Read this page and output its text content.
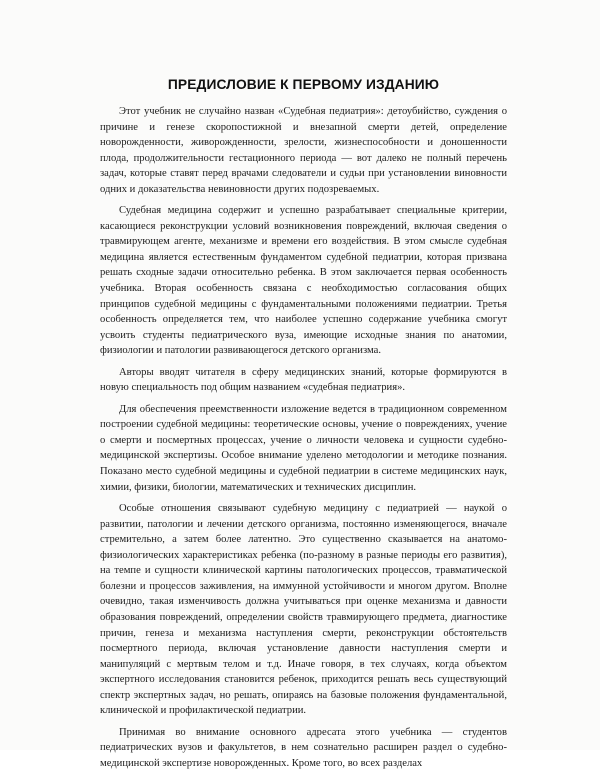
ПРЕДИСЛОВИЕ К ПЕРВОМУ ИЗДАНИЮ

Этот учебник не случайно назван «Судебная педиатрия»: детоубийство, суждения о причине и генезе скоропостижной и внезапной смерти детей, определение новорожденности, живорожденности, зрелости, жизнеспособности и доношенности плода, продолжительности гестационного периода — вот далеко не полный перечень задач, которые ставят перед врачами следователи и судьи при установлении виновности одних и доказательства невиновности других подозреваемых.

Судебная медицина содержит и успешно разрабатывает специальные критерии, касающиеся реконструкции условий возникновения повреждений, включая сведения о травмирующем агенте, механизме и времени его воздействия. В этом смысле судебная медицина является естественным фундаментом судебной педиатрии, которая призвана решать сходные задачи относительно ребенка. В этом заключается первая особенность учебника. Вторая особенность связана с необходимостью согласования общих принципов судебной медицины с фундаментальными положениями педиатрии. Третья особенность определяется тем, что наиболее успешно содержание учебника смогут усвоить студенты педиатрического вуза, имеющие исходные знания по анатомии, физиологии и патологии развивающегося детского организма.

Авторы вводят читателя в сферу медицинских знаний, которые формируются в новую специальность под общим названием «судебная педиатрия».

Для обеспечения преемственности изложение ведется в традиционном современном построении судебной медицины: теоретические основы, учение о повреждениях, учение о смерти и посмертных процессах, учение о личности человека и сущности судебно-медицинской экспертизы. Особое внимание уделено методологии и методике познания. Показано место судебной медицины и судебной педиатрии в системе медицинских наук, химии, физики, биологии, математических и технических дисциплин.

Особые отношения связывают судебную медицину с педиатрией — наукой о развитии, патологии и лечении детского организма, постоянно изменяющегося, вначале стремительно, а затем более латентно. Это существенно сказывается на анатомо-физиологических характеристиках ребенка (по-разному в разные периоды его развития), на темпе и сущности клинической картины патологических процессов, травматической болезни и процессов заживления, на иммунной устойчивости и многом другом. Вполне очевидно, такая изменчивость должна учитываться при оценке механизма и давности образования повреждений, определении свойств травмирующего предмета, диагностике причин, генеза и механизма наступления смерти, реконструкции обстоятельств посмертного периода, включая установление давности наступления смерти и манипуляций с мертвым телом и т.д. Иначе говоря, в тех случаях, когда объектом экспертного исследования становится ребенок, приходится решать весь существующий спектр экспертных задач, но решать, опираясь на базовые положения фундаментальной, клинической и профилактической педиатрии.

Принимая во внимание основного адресата этого учебника — студентов педиатрических вузов и факультетов, в нем сознательно расширен раздел о судебно-медицинской экспертизе новорожденных. Кроме того, во всех разделах
